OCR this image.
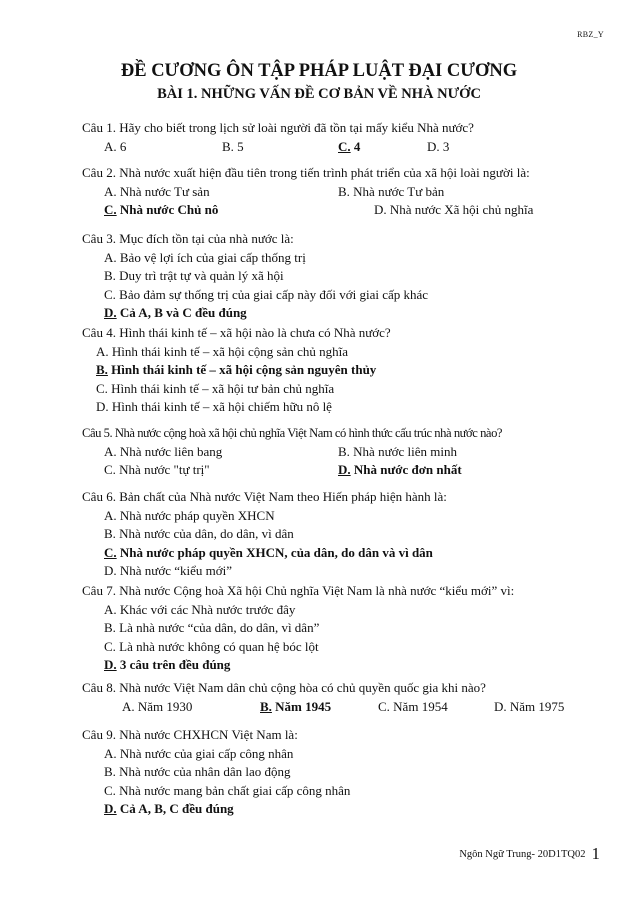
RBZ_Y
ĐỀ CƯƠNG ÔN TẬP PHÁP LUẬT ĐẠI CƯƠNG
BÀI 1. NHỮNG VẤN ĐỀ CƠ BẢN VỀ NHÀ NƯỚC
Câu 1. Hãy cho biết trong lịch sử loài người đã tồn tại mấy kiểu Nhà nước?
A. 6	B. 5	C. 4	D. 3
Câu 2. Nhà nước xuất hiện đầu tiên trong tiến trình phát triển của xã hội loài người là:
A. Nhà nước Tư sản	B. Nhà nước Tư bản
C. Nhà nước Chủ nô	D. Nhà nước Xã hội chủ nghĩa
Câu 3. Mục đích tồn tại của nhà nước là:
A. Bảo vệ lợi ích của giai cấp thống trị
B. Duy trì trật tự và quản lý xã hội
C. Bảo đảm sự thống trị của giai cấp này đối với giai cấp khác
D. Cả A, B và C đều đúng
Câu 4. Hình thái kinh tế – xã hội nào là chưa có Nhà nước?
A. Hình thái kinh tế – xã hội cộng sản chủ nghĩa
B. Hình thái kinh tế – xã hội cộng sản nguyên thủy
C. Hình thái kinh tế – xã hội tư bản chủ nghĩa
D. Hình thái kinh tế – xã hội chiếm hữu nô lệ
Câu 5. Nhà nước cộng hoà xã hội chủ nghĩa Việt Nam có hình thức cấu trúc nhà nước nào?
A. Nhà nước liên bang	B. Nhà nước liên minh
C. Nhà nước "tự trị"	D. Nhà nước đơn nhất
Câu 6. Bản chất của Nhà nước Việt Nam theo Hiến pháp hiện hành là:
A. Nhà nước pháp quyền XHCN
B. Nhà nước của dân, do dân, vì dân
C. Nhà nước pháp quyền XHCN, của dân, do dân và vì dân
D. Nhà nước “kiểu mới”
Câu 7. Nhà nước Cộng hoà Xã hội Chủ nghĩa Việt Nam là nhà nước “kiểu mới” vì:
A. Khác với các Nhà nước trước đây
B. Là nhà nước “của dân, do dân, vì dân”
C. Là nhà nước không có quan hệ bóc lột
D. 3 câu trên đều đúng
Câu 8. Nhà nước Việt Nam dân chủ cộng hòa có chủ quyền quốc gia khi nào?
A. Năm 1930	B. Năm 1945	C. Năm 1954	D. Năm 1975
Câu 9. Nhà nước CHXHCN Việt Nam là:
A. Nhà nước của giai cấp công nhân
B. Nhà nước của nhân dân lao động
C. Nhà nước mang bản chất giai cấp công nhân
D. Cả A, B, C đều đúng
Ngôn Ngữ Trung- 20D1TQ02 1
